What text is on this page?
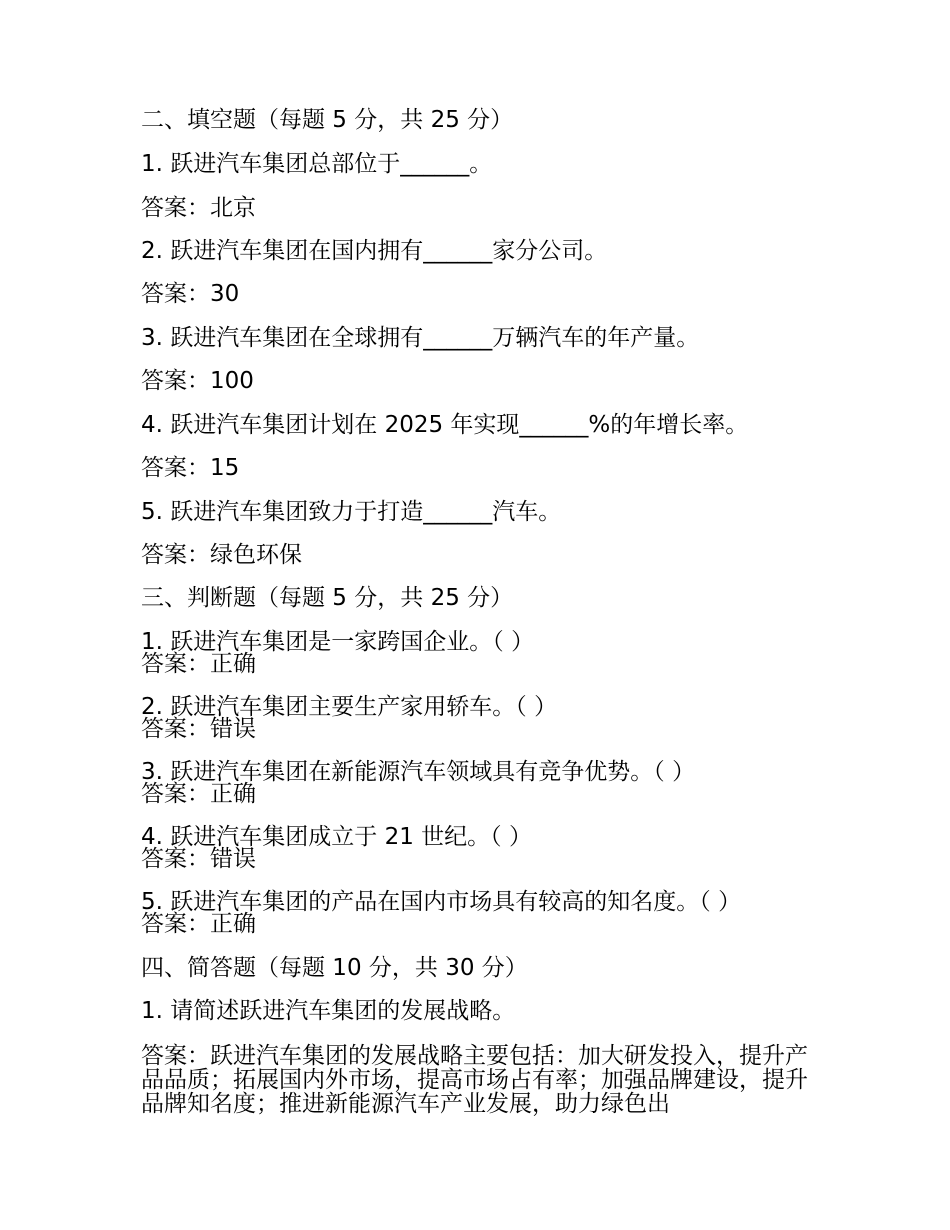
二、填空题（每题 5 分，共 25 分）
1. 跃进汽车集团总部位于______。
答案：北京
2. 跃进汽车集团在国内拥有______家分公司。
答案：30
3. 跃进汽车集团在全球拥有______万辆汽车的年产量。
答案：100
4. 跃进汽车集团计划在 2025 年实现______%的年增长率。
答案：15
5. 跃进汽车集团致力于打造______汽车。
答案：绿色环保
三、判断题（每题 5 分，共 25 分）
1. 跃进汽车集团是一家跨国企业。（ ）
答案：正确
2. 跃进汽车集团主要生产家用轿车。（ ）
答案：错误
3. 跃进汽车集团在新能源汽车领域具有竞争优势。（ ）
答案：正确
4. 跃进汽车集团成立于 21 世纪。（ ）
答案：错误
5. 跃进汽车集团的产品在国内市场具有较高的知名度。（ ）
答案：正确
四、简答题（每题 10 分，共 30 分）
1. 请简述跃进汽车集团的发展战略。
答案：跃进汽车集团的发展战略主要包括：加大研发投入，提升产品品质；拓展国内外市场，提高市场占有率；加强品牌建设，提升品牌知名度；推进新能源汽车产业发展，助力绿色出
